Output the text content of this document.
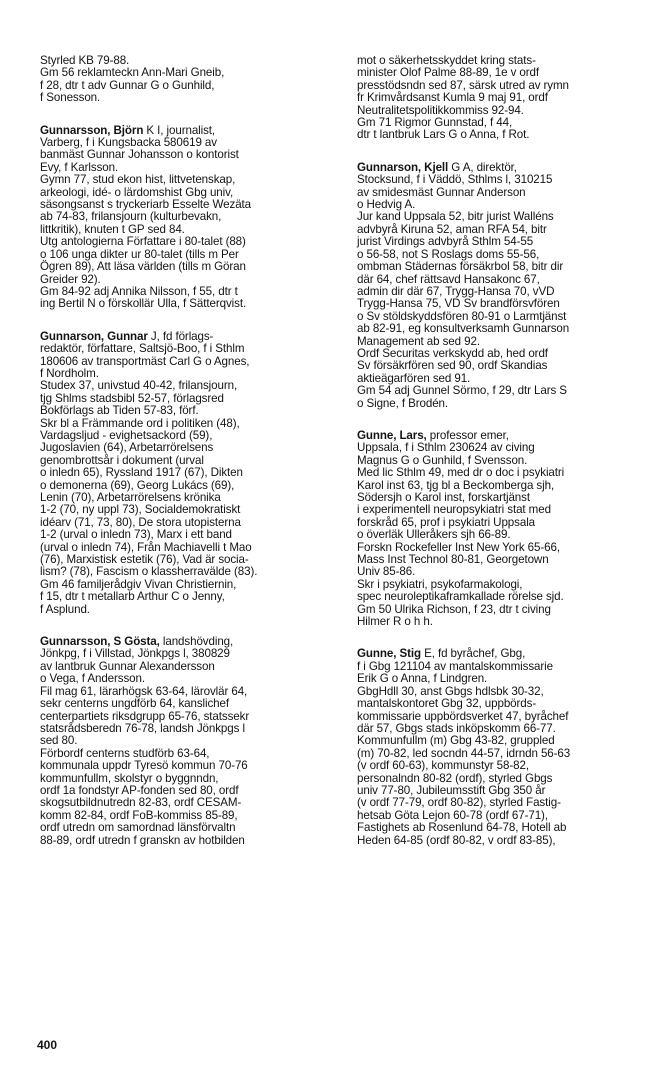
Styrled KB 79-88.
Gm 56 reklamteckn Ann-Mari Gneib,
f 28, dtr t adv Gunnar G o Gunhild,
f Sonesson.
Gunnarsson, Björn K I, journalist,
Varberg, f i Kungsbacka 580619 av
banmäst Gunnar Johansson o kontorist
Evy, f Karlsson.
Gymn 77, stud ekon hist, littvetenskap,
arkeologi, idé- o lärdomshist Gbg univ,
säsongsanst s tryckeriarb Esselte Wezäta
ab 74-83, frilansjourn (kulturbevakn,
littkritik), knuten t GP sed 84.
Utg antologierna Författare i 80-talet (88)
o 106 unga dikter ur 80-talet (tills m Per
Ögren 89), Att läsa världen (tills m Göran
Greider 92).
Gm 84-92 adj Annika Nilsson, f 55, dtr t
ing Bertil N o förskollär Ulla, f Sätterqvist.
Gunnarson, Gunnar J, fd förlags-
redaktör, författare, Saltsjö-Boo, f i Sthlm
180606 av transportmäst Carl G o Agnes,
f Nordholm.
Studex 37, univstud 40-42, frilansjourn,
tjg Shlms stadsbibl 52-57, förlagsred
Bokförlags ab Tiden 57-83, förf.
Skr bl a Främmande ord i politiken (48),
Vardagsljud - evighetsackord (59),
Jugoslavien (64), Arbetarrörelsens
genombrottsår i dokument (urval
o inledn 65), Ryssland 1917 (67), Dikten
o demonerna (69), Georg Lukács (69),
Lenin (70), Arbetarrörelsens krönika
1-2 (70, ny uppl 73), Socialdemokratiskt
idéarv (71, 73, 80), De stora utopisterna
1-2 (urval o inledn 73), Marx i ett band
(urval o inledn 74), Från Machiavelli t Mao
(76), Marxistisk estetik (76), Vad är socia-
lism? (78), Fascism o klassherravälde (83).
Gm 46 familjerådgiv Vivan Christiernin,
f 15, dtr t metallarb Arthur C o Jenny,
f Asplund.
Gunnarsson, S Gösta, landshövding,
Jönkpg, f i Villstad, Jönkpgs l, 380829
av lantbruk Gunnar Alexandersson
o Vega, f Andersson.
Fil mag 61, lärarhögsk 63-64, lärovlär 64,
sekr centerns ungdförb 64, kanslichef
centerpartiets riksdgrupp 65-76, statssekr
statsrådsberedn 76-78, landsh Jönkpgs l
sed 80.
Förbordf centerns studförb 63-64,
kommunala uppdr Tyresö kommun 70-76
kommunfullm, skolstyr o byggnndn,
ordf 1a fondstyr AP-fonden sed 80, ordf
skogsutbildnutredn 82-83, ordf CESAM-
komm 82-84, ordf FoB-kommiss 85-89,
ordf utredn om samordnad länsförvaltn
88-89, ordf utredn f granskn av hotbilden
mot o säkerhetsskyddet kring stats-
minister Olof Palme 88-89, 1e v ordf
presstödsndn sed 87, särsk utred av rymn
fr Krimvårdsanst Kumla 9 maj 91, ordf
Neutralitetspolitikkommiss 92-94.
Gm 71 Rigmor Gunnstad, f 44,
dtr t lantbruk Lars G o Anna, f Rot.
Gunnarson, Kjell G A, direktör,
Stocksund, f i Väddö, Sthlms l, 310215
av smidesmäst Gunnar Anderson
o Hedvig A.
Jur kand Uppsala 52, bitr jurist Walléns
advbyrå Kiruna 52, aman RFA 54, bitr
jurist Virdings advbyrå Sthlm 54-55
o 56-58, not S Roslags doms 55-56,
ombman Städernas försäkrbol 58, bitr dir
där 64, chef rättsavd Hansakonc 67,
admin dir där 67, Trygg-Hansa 70, vVD
Trygg-Hansa 75, VD Sv brandförsvfören
o Sv stöldskyddsfören 80-91 o Larmtjänst
ab 82-91, eg konsultverksamh Gunnarson
Management ab sed 92.
Ordf Securitas verkskydd ab, hed ordf
Sv försäkrfören sed 90, ordf Skandias
aktieägarfören sed 91.
Gm 54 adj Gunnel Sörmo, f 29, dtr Lars S
o Signe, f Brodén.
Gunne, Lars, professor emer,
Uppsala, f i Sthlm 230624 av civing
Magnus G o Gunhild, f Svensson.
Med lic Sthlm 49, med dr o doc i psykiatri
Karol inst 63, tjg bl a Beckomberga sjh,
Södersjh o Karol inst, forskartjänst
i experimentell neuropsykiatri stat med
forskråd 65, prof i psykiatri Uppsala
o överläk Ulleråkers sjh 66-89.
Forskn Rockefeller Inst New York 65-66,
Mass Inst Technol 80-81, Georgetown
Univ 85-86.
Skr i psykiatri, psykofarmakologi,
spec neuroleptikaframkallade rörelse sjd.
Gm 50 Ulrika Richson, f 23, dtr t civing
Hilmer R o h h.
Gunne, Stig E, fd byråchef, Gbg,
f i Gbg 121104 av mantalskommissarie
Erik G o Anna, f Lindgren.
GbgHdll 30, anst Gbgs hdlsbk 30-32,
mantalskontoret Gbg 32, uppbörds-
kommissarie uppbördsverket 47, byråchef
där 57, Gbgs stads inköpskomm 66-77.
Kommunfullm (m) Gbg 43-82, gruppled
(m) 70-82, led socndn 44-57, idrndn 56-63
(v ordf 60-63), kommunstyr 58-82,
personalndn 80-82 (ordf), styrled Gbgs
univ 77-80, Jubileumsstift Gbg 350 år
(v ordf 77-79, ordf 80-82), styrled Fastig-
hetsab Göta Lejon 60-78 (ordf 67-71),
Fastighets ab Rosenlund 64-78, Hotell ab
Heden 64-85 (ordf 80-82, v ordf 83-85),
400
